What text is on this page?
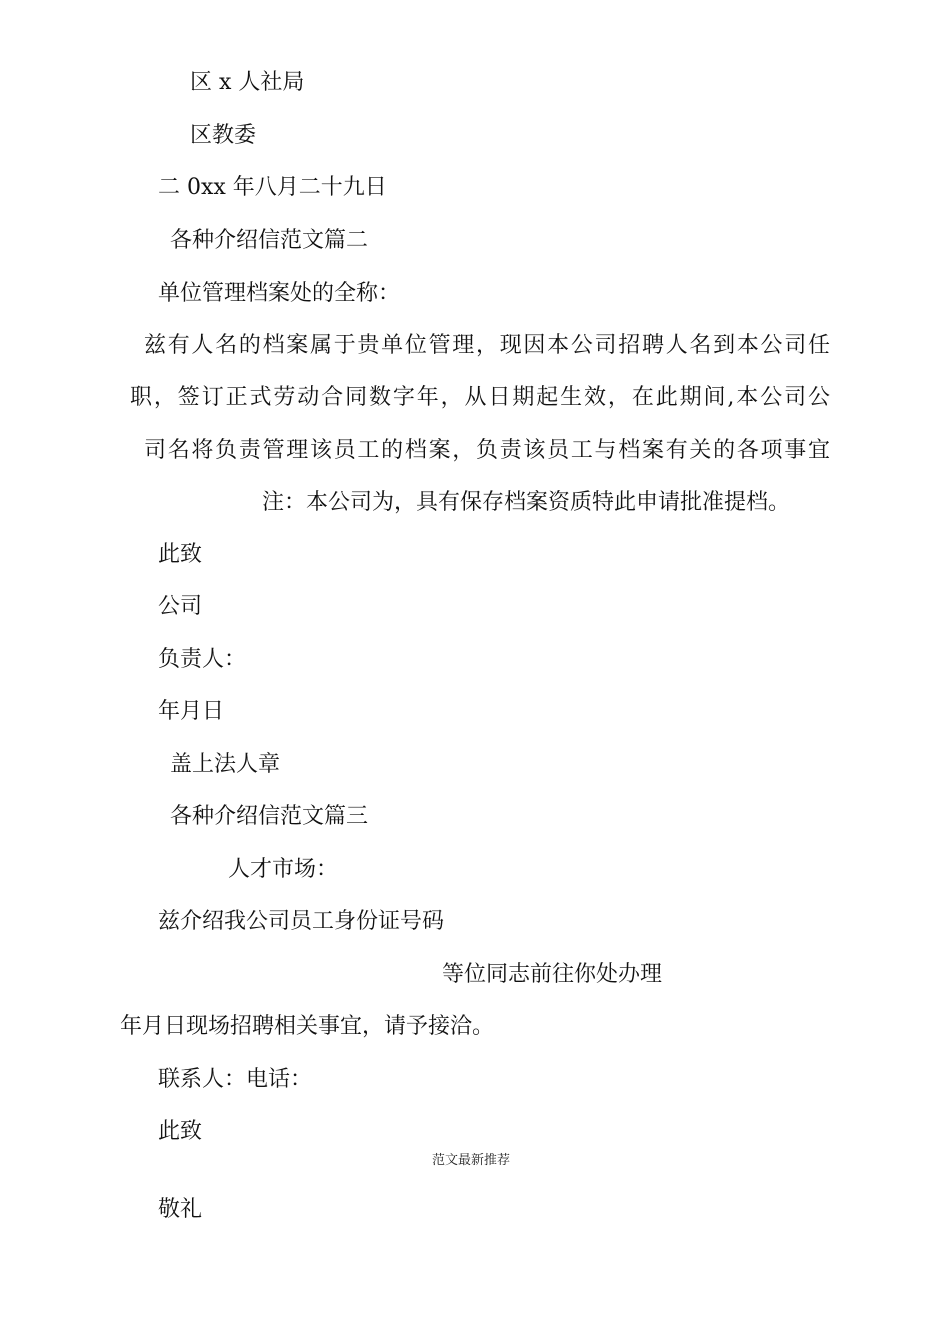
区 x 人社局
区教委
二 0xx 年八月二十九日
各种介绍信范文篇二
单位管理档案处的全称：
兹有人名的档案属于贵单位管理，现因本公司招聘人名到本公司任
职，签订正式劳动合同数字年，从日期起生效，在此期间,本公司公
司名将负责管理该员工的档案，负责该员工与档案有关的各项事宜
注：本公司为，具有保存档案资质特此申请批准提档。
此致
公司
负责人：
年月日
盖上法人章
各种介绍信范文篇三
人才市场：
兹介绍我公司员工身份证号码
等位同志前往你处办理
年月日现场招聘相关事宜，请予接洽。
联系人：电话：
此致
范文最新推荐
敬礼
